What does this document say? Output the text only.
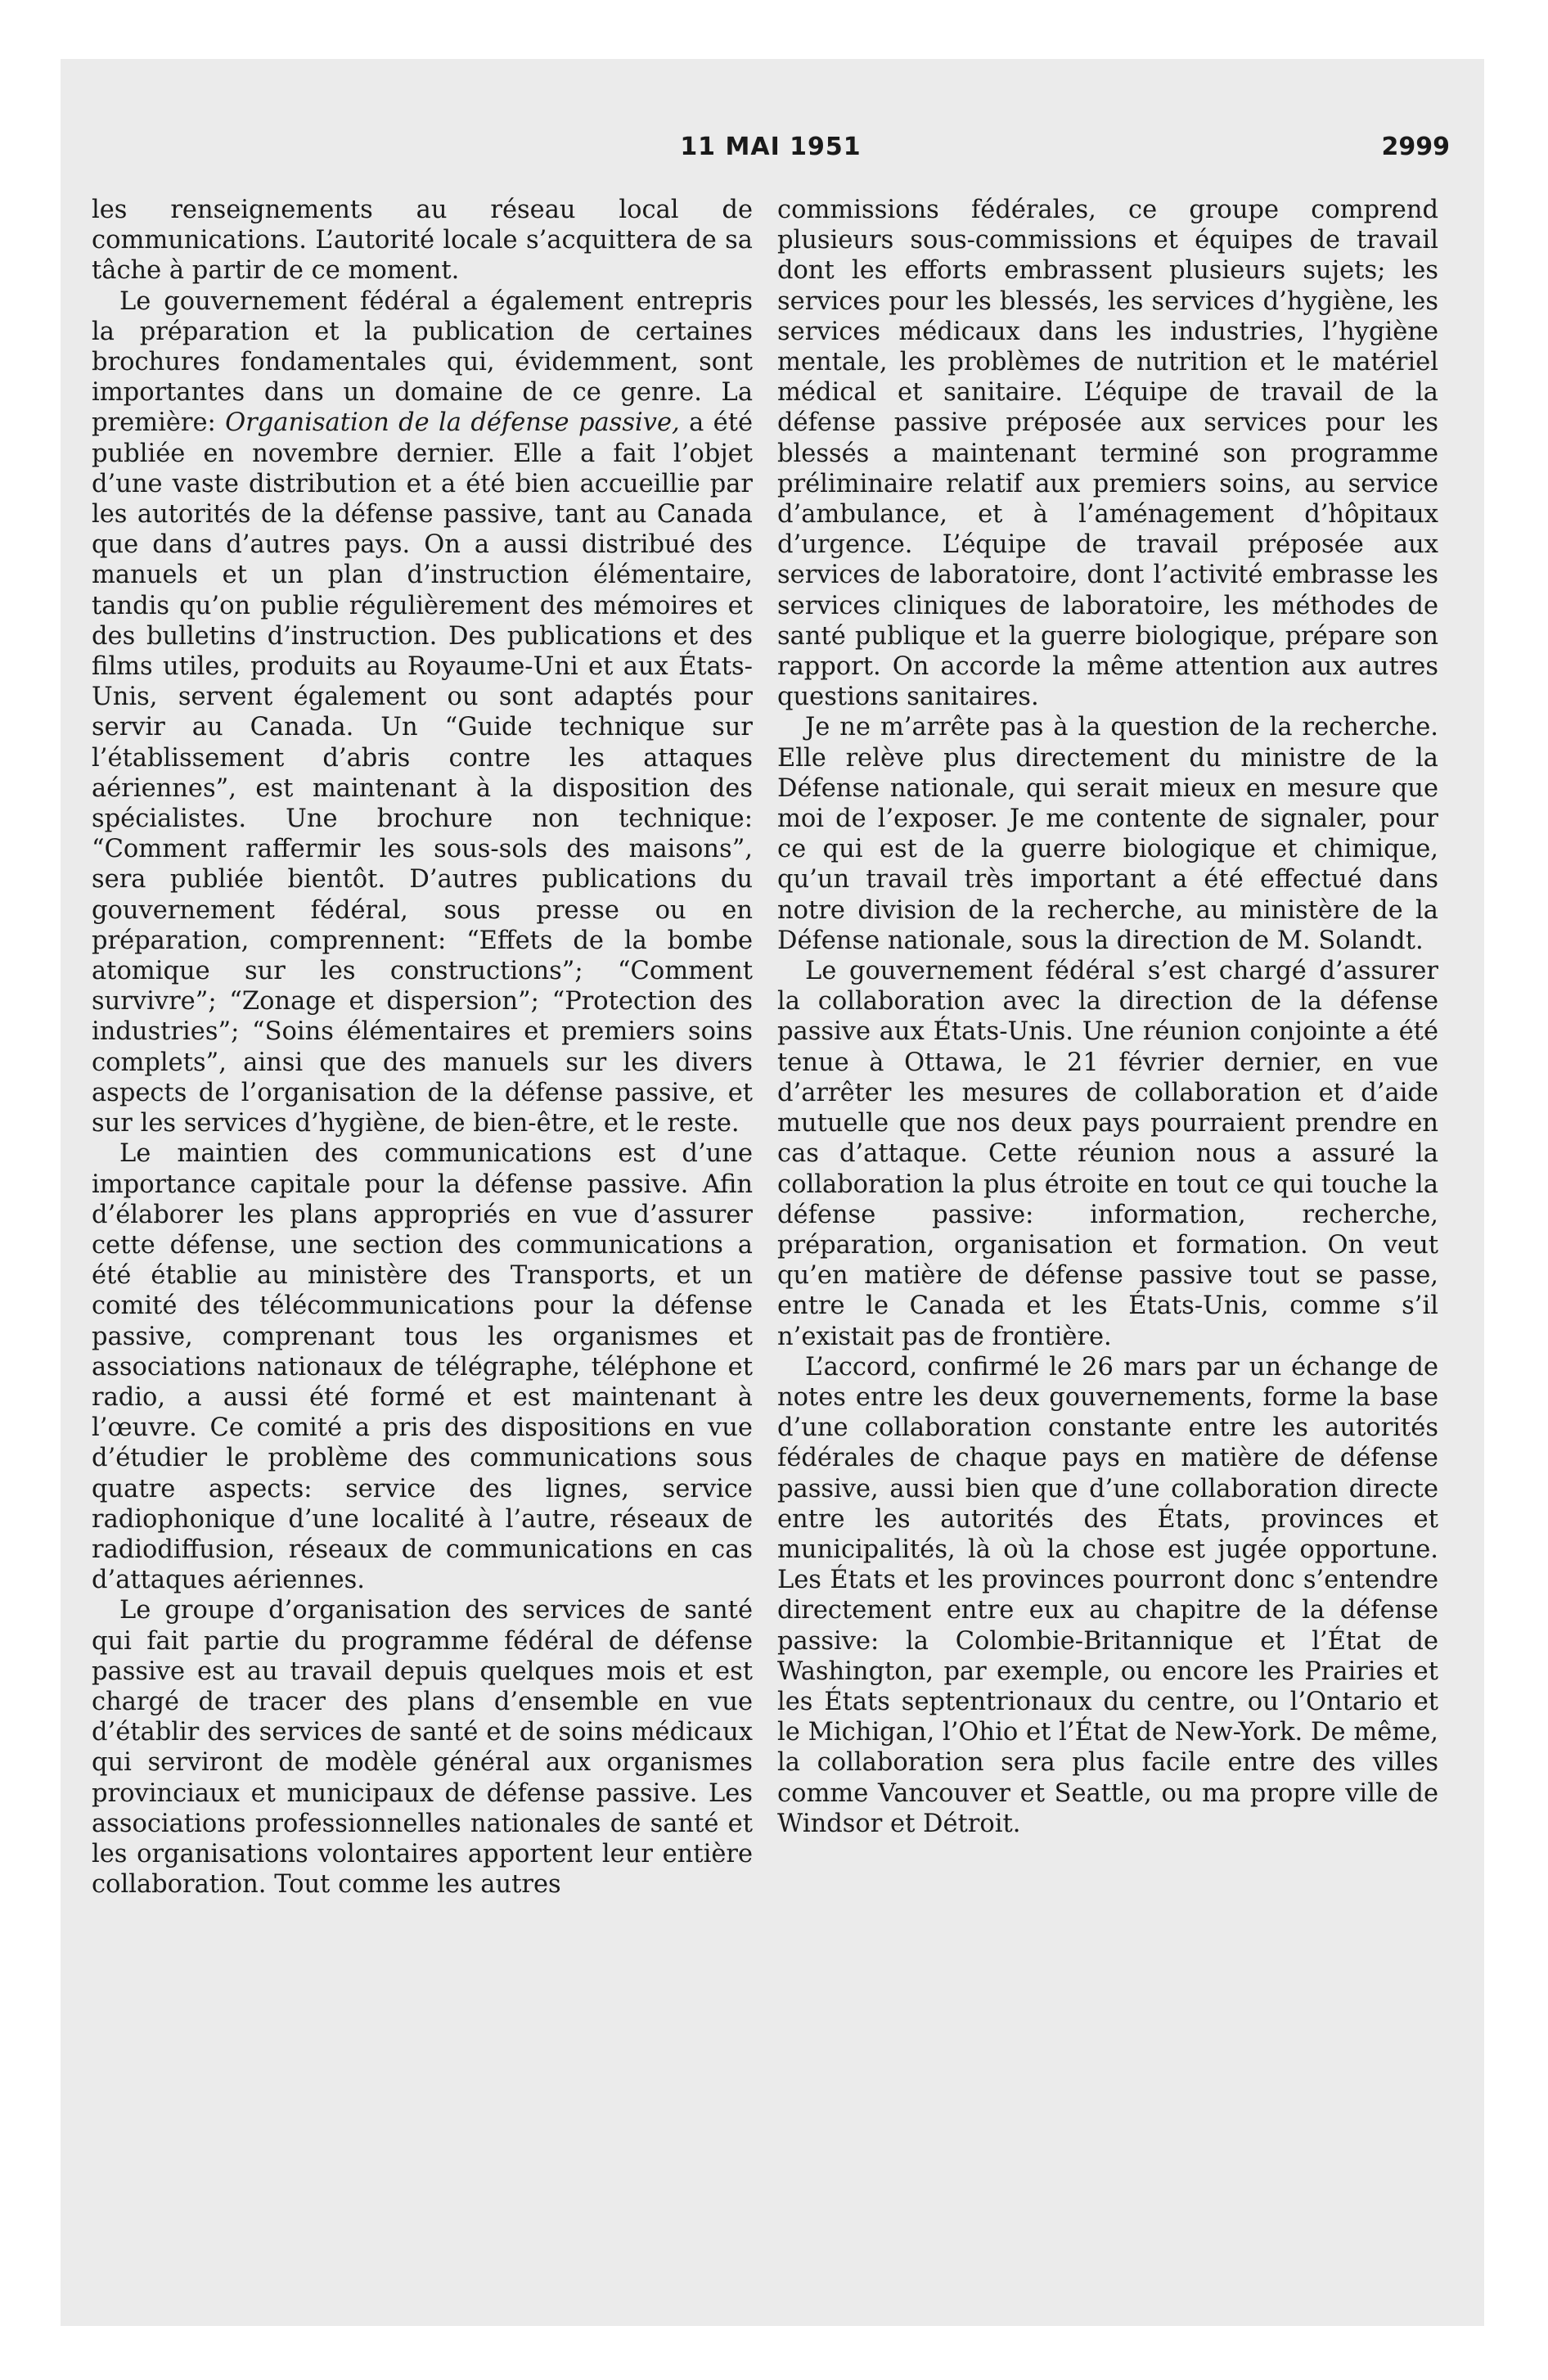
11 MAI 1951	2999

les renseignements au réseau local de communications. L’autorité locale s’acquittera de sa tâche à partir de ce moment.

Le gouvernement fédéral a également entrepris la préparation et la publication de certaines brochures fondamentales qui, évidemment, sont importantes dans un domaine de ce genre. La première: Organisation de la défense passive, a été publiée en novembre dernier. Elle a fait l’objet d’une vaste distribution et a été bien accueillie par les autorités de la défense passive, tant au Canada que dans d’autres pays. On a aussi distribué des manuels et un plan d’instruction élémentaire, tandis qu’on publie régulièrement des mémoires et des bulletins d’instruction. Des publications et des films utiles, produits au Royaume-Uni et aux États-Unis, servent également ou sont adaptés pour servir au Canada. Un “Guide technique sur l’établissement d’abris contre les attaques aériennes”, est maintenant à la disposition des spécialistes. Une brochure non technique: “Comment raffermir les sous-sols des maisons”, sera publiée bientôt. D’autres publications du gouvernement fédéral, sous presse ou en préparation, comprennent: “Effets de la bombe atomique sur les constructions”; “Comment survivre”; “Zonage et dispersion”; “Protection des industries”; “Soins élémentaires et premiers soins complets”, ainsi que des manuels sur les divers aspects de l’organisation de la défense passive, et sur les services d’hygiène, de bien-être, et le reste.

Le maintien des communications est d’une importance capitale pour la défense passive. Afin d’élaborer les plans appropriés en vue d’assurer cette défense, une section des communications a été établie au ministère des Transports, et un comité des télécommunications pour la défense passive, comprenant tous les organismes et associations nationaux de télégraphe, téléphone et radio, a aussi été formé et est maintenant à l’œuvre. Ce comité a pris des dispositions en vue d’étudier le problème des communications sous quatre aspects: service des lignes, service radiophonique d’une localité à l’autre, réseaux de radiodiffusion, réseaux de communications en cas d’attaques aériennes.

Le groupe d’organisation des services de santé qui fait partie du programme fédéral de défense passive est au travail depuis quelques mois et est chargé de tracer des plans d’ensemble en vue d’établir des services de santé et de soins médicaux qui serviront de modèle général aux organismes provinciaux et municipaux de défense passive. Les associations professionnelles nationales de santé et les organisations volontaires apportent leur entière collaboration. Tout comme les autres

commissions fédérales, ce groupe comprend plusieurs sous-commissions et équipes de travail dont les efforts embrassent plusieurs sujets; les services pour les blessés, les services d’hygiène, les services médicaux dans les industries, l’hygiène mentale, les problèmes de nutrition et le matériel médical et sanitaire. L’équipe de travail de la défense passive préposée aux services pour les blessés a maintenant terminé son programme préliminaire relatif aux premiers soins, au service d’ambulance, et à l’aménagement d’hôpitaux d’urgence. L’équipe de travail préposée aux services de laboratoire, dont l’activité embrasse les services cliniques de laboratoire, les méthodes de santé publique et la guerre biologique, prépare son rapport. On accorde la même attention aux autres questions sanitaires.

Je ne m’arrête pas à la question de la recherche. Elle relève plus directement du ministre de la Défense nationale, qui serait mieux en mesure que moi de l’exposer. Je me contente de signaler, pour ce qui est de la guerre biologique et chimique, qu’un travail très important a été effectué dans notre division de la recherche, au ministère de la Défense nationale, sous la direction de M. Solandt.

Le gouvernement fédéral s’est chargé d’assurer la collaboration avec la direction de la défense passive aux États-Unis. Une réunion conjointe a été tenue à Ottawa, le 21 février dernier, en vue d’arrêter les mesures de collaboration et d’aide mutuelle que nos deux pays pourraient prendre en cas d’attaque. Cette réunion nous a assuré la collaboration la plus étroite en tout ce qui touche la défense passive: information, recherche, préparation, organisation et formation. On veut qu’en matière de défense passive tout se passe, entre le Canada et les États-Unis, comme s’il n’existait pas de frontière.

L’accord, confirmé le 26 mars par un échange de notes entre les deux gouvernements, forme la base d’une collaboration constante entre les autorités fédérales de chaque pays en matière de défense passive, aussi bien que d’une collaboration directe entre les autorités des États, provinces et municipalités, là où la chose est jugée opportune. Les États et les provinces pourront donc s’entendre directement entre eux au chapitre de la défense passive: la Colombie-Britannique et l’État de Washington, par exemple, ou encore les Prairies et les États septentrionaux du centre, ou l’Ontario et le Michigan, l’Ohio et l’État de New-York. De même, la collaboration sera plus facile entre des villes comme Vancouver et Seattle, ou ma propre ville de Windsor et Détroit.
